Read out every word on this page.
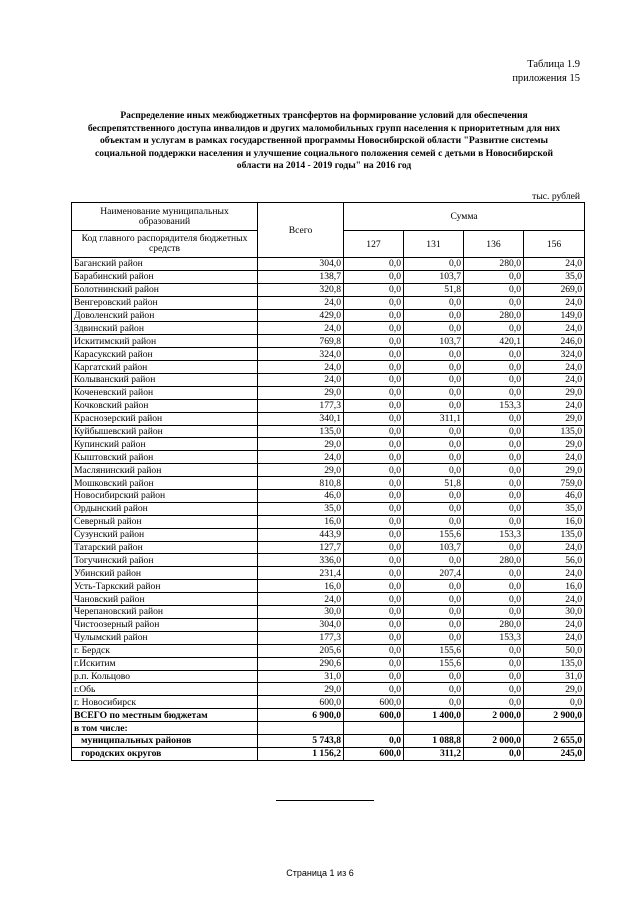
Таблица 1.9
приложения 15
Распределение иных межбюджетных трансфертов на формирование условий для обеспечения
беспрепятственного доступа инвалидов и других маломобильных групп населения к приоритетным для них
объектам и услугам в рамках государственной программы Новосибирской области "Развитие системы
социальной поддержки населения и улучшение социального положения семей с детьми в Новосибирской
области на 2014 - 2019 годы" на 2016 год
тыс. рублей
Наименование муниципальных образований	Всего	Сумма			
Код главного распорядителя бюджетных средств		127	131	136	156
Баганский район	304,0	0,0	0,0	280,0	24,0
Барабинский район	138,7	0,0	103,7	0,0	35,0
Болотнинский район	320,8	0,0	51,8	0,0	269,0
Венгеровский район	24,0	0,0	0,0	0,0	24,0
Доволенский район	429,0	0,0	0,0	280,0	149,0
Здвинский район	24,0	0,0	0,0	0,0	24,0
Искитимский район	769,8	0,0	103,7	420,1	246,0
Карасукский район	324,0	0,0	0,0	0,0	324,0
Каргатский район	24,0	0,0	0,0	0,0	24,0
Колыванский район	24,0	0,0	0,0	0,0	24,0
Коченевский район	29,0	0,0	0,0	0,0	29,0
Кочковский район	177,3	0,0	0,0	153,3	24,0
Краснозерский район	340,1	0,0	311,1	0,0	29,0
Куйбышевский район	135,0	0,0	0,0	0,0	135,0
Купинский район	29,0	0,0	0,0	0,0	29,0
Кыштовский район	24,0	0,0	0,0	0,0	24,0
Маслянинский район	29,0	0,0	0,0	0,0	29,0
Мошковский район	810,8	0,0	51,8	0,0	759,0
Новосибирский район	46,0	0,0	0,0	0,0	46,0
Ордынский район	35,0	0,0	0,0	0,0	35,0
Северный район	16,0	0,0	0,0	0,0	16,0
Сузунский район	443,9	0,0	155,6	153,3	135,0
Татарский район	127,7	0,0	103,7	0,0	24,0
Тогучинский район	336,0	0,0	0,0	280,0	56,0
Убинский район	231,4	0,0	207,4	0,0	24,0
Усть-Таркский район	16,0	0,0	0,0	0,0	16,0
Чановский район	24,0	0,0	0,0	0,0	24,0
Черепановский район	30,0	0,0	0,0	0,0	30,0
Чистоозерный район	304,0	0,0	0,0	280,0	24,0
Чулымский район	177,3	0,0	0,0	153,3	24,0
г. Бердск	205,6	0,0	155,6	0,0	50,0
г.Искитим	290,6	0,0	155,6	0,0	135,0
р.п. Кольцово	31,0	0,0	0,0	0,0	31,0
г.Обь	29,0	0,0	0,0	0,0	29,0
г. Новосибирск	600,0	600,0	0,0	0,0	0,0
ВСЕГО по местным бюджетам	6 900,0	600,0	1 400,0	2 000,0	2 900,0
в том числе:					
муниципальных районов	5 743,8	0,0	1 088,8	2 000,0	2 655,0
городских округов	1 156,2	600,0	311,2	0,0	245,0
Страница 1 из 6
